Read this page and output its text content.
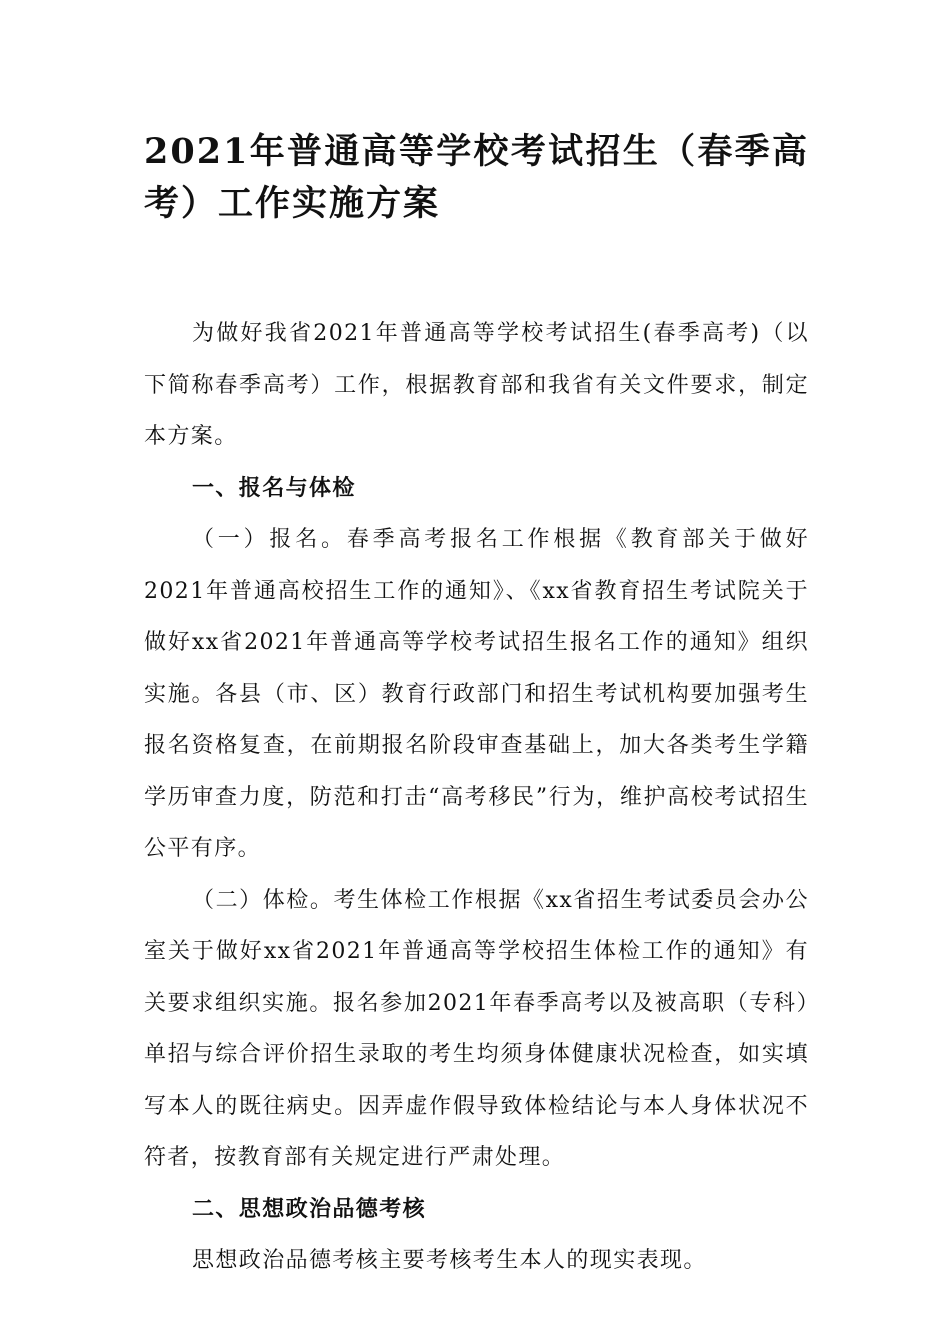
2021年普通高等学校考试招生（春季高考）工作实施方案

为做好我省2021年普通高等学校考试招生(春季高考)（以下简称春季高考）工作，根据教育部和我省有关文件要求，制定本方案。

一、报名与体检

（一）报名。春季高考报名工作根据《教育部关于做好2021年普通高校招生工作的通知》、《xx省教育招生考试院关于做好xx省2021年普通高等学校考试招生报名工作的通知》组织实施。各县（市、区）教育行政部门和招生考试机构要加强考生报名资格复查，在前期报名阶段审查基础上，加大各类考生学籍学历审查力度，防范和打击“高考移民”行为，维护高校考试招生公平有序。

（二）体检。考生体检工作根据《xx省招生考试委员会办公室关于做好xx省2021年普通高等学校招生体检工作的通知》有关要求组织实施。报名参加2021年春季高考以及被高职（专科）单招与综合评价招生录取的考生均须身体健康状况检查，如实填写本人的既往病史。因弄虚作假导致体检结论与本人身体状况不符者，按教育部有关规定进行严肃处理。

二、思想政治品德考核

思想政治品德考核主要考核考生本人的现实表现。
